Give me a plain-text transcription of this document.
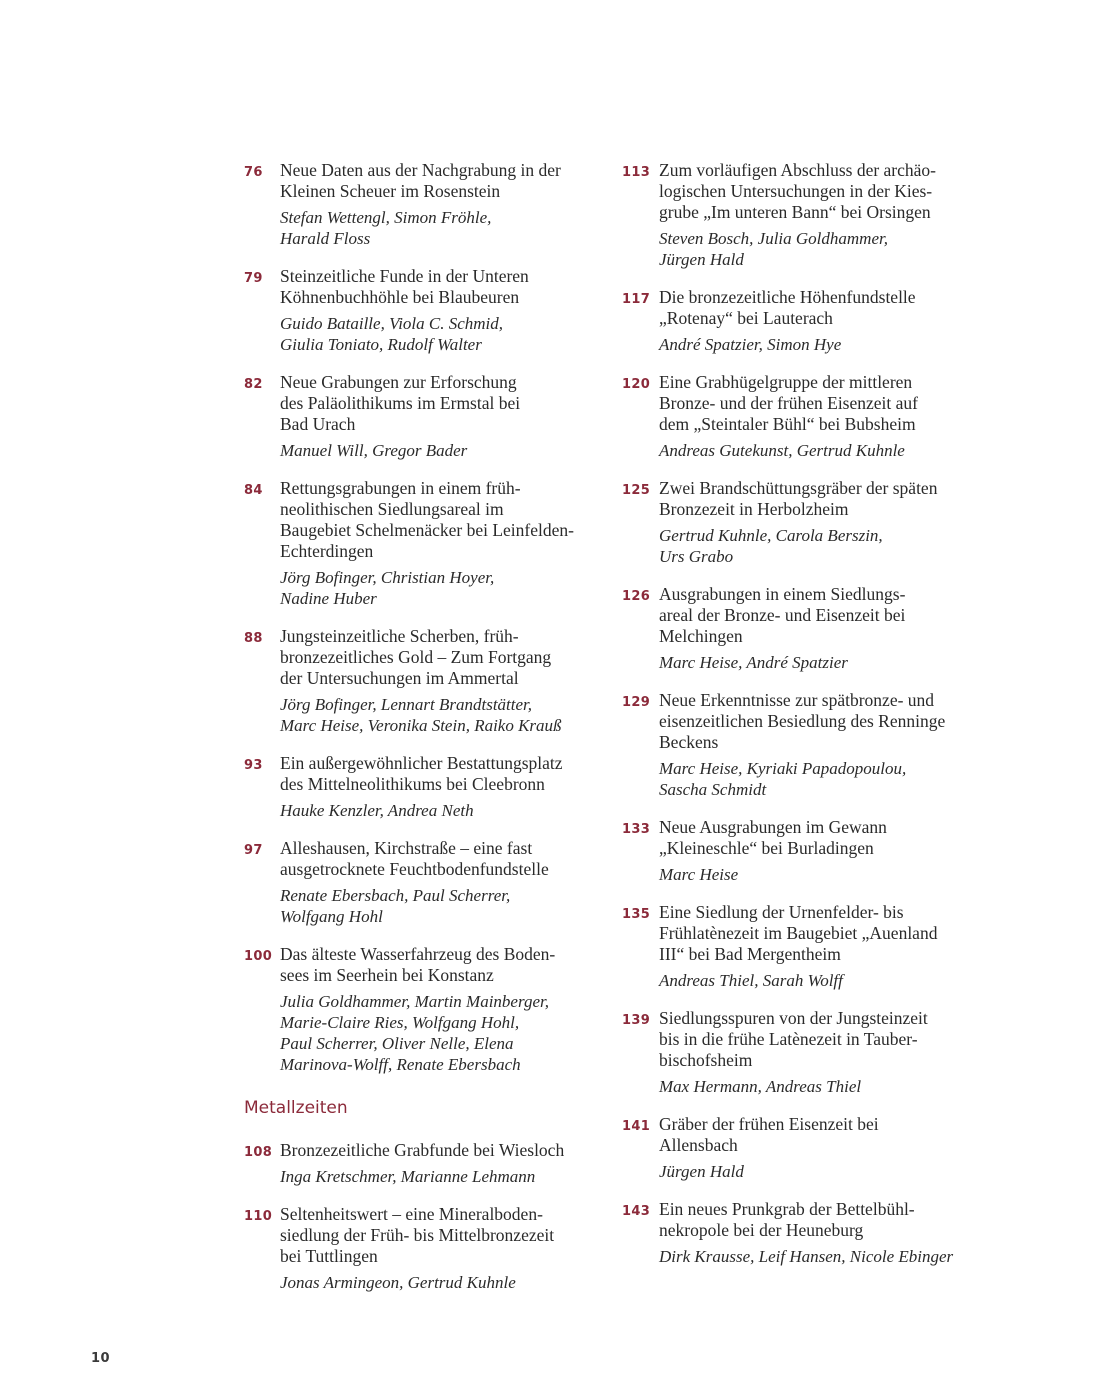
76 Neue Daten aus der Nachgrabung in der
Kleinen Scheuer im Rosenstein
Stefan Wettengl, Simon Fröhle,
Harald Floss
79 Steinzeitliche Funde in der Unteren
Köhnenbuchhöhle bei Blaubeuren
Guido Bataille, Viola C. Schmid,
Giulia Toniato, Rudolf Walter
82 Neue Grabungen zur Erforschung
des Paläolithikums im Ermstal bei
Bad Urach
Manuel Will, Gregor Bader
84 Rettungsgrabungen in einem früh-
neolithischen Siedlungsareal im
Baugebiet Schelmenäcker bei Leinfelden-
Echterdingen
Jörg Bofinger, Christian Hoyer,
Nadine Huber
88 Jungsteinzeitliche Scherben, früh-
bronzezeitliches Gold – Zum Fortgang
der Untersuchungen im Ammertal
Jörg Bofinger, Lennart Brandtstätter,
Marc Heise, Veronika Stein, Raiko Krauß
93 Ein außergewöhnlicher Bestattungsplatz
des Mittelneolithikums bei Cleebronn
Hauke Kenzler, Andrea Neth
97 Alleshausen, Kirchstraße – eine fast
ausgetrocknete Feuchtbodenfundstelle
Renate Ebersbach, Paul Scherrer,
Wolfgang Hohl
100 Das älteste Wasserfahrzeug des Boden-
sees im Seerhein bei Konstanz
Julia Goldhammer, Martin Mainberger,
Marie-Claire Ries, Wolfgang Hohl,
Paul Scherrer, Oliver Nelle, Elena
Marinova-Wolff, Renate Ebersbach
Metallzeiten
108 Bronzezeitliche Grabfunde bei Wiesloch
Inga Kretschmer, Marianne Lehmann
110 Seltenheitswert – eine Mineralboden-
siedlung der Früh- bis Mittelbronzezeit
bei Tuttlingen
Jonas Armingeon, Gertrud Kuhnle
113 Zum vorläufigen Abschluss der archäo-
logischen Untersuchungen in der Kies-
grube „Im unteren Bann“ bei Orsingen
Steven Bosch, Julia Goldhammer,
Jürgen Hald
117 Die bronzezeitliche Höhenfundstelle
„Rotenay“ bei Lauterach
André Spatzier, Simon Hye
120 Eine Grabhügelgruppe der mittleren
Bronze- und der frühen Eisenzeit auf
dem „Steintaler Bühl“ bei Bubsheim
Andreas Gutekunst, Gertrud Kuhnle
125 Zwei Brandschüttungsgräber der späten
Bronzezeit in Herbolzheim
Gertrud Kuhnle, Carola Berszin,
Urs Grabo
126 Ausgrabungen in einem Siedlungs-
areal der Bronze- und Eisenzeit bei
Melchingen
Marc Heise, André Spatzier
129 Neue Erkenntnisse zur spätbronze- und
eisenzeitlichen Besiedlung des Renninge
Beckens
Marc Heise, Kyriaki Papadopoulou,
Sascha Schmidt
133 Neue Ausgrabungen im Gewann
„Kleineschle“ bei Burladingen
Marc Heise
135 Eine Siedlung der Urnenfelder- bis
Frühlatènezeit im Baugebiet „Auenland
III“ bei Bad Mergentheim
Andreas Thiel, Sarah Wolff
139 Siedlungsspuren von der Jungsteinzeit
bis in die frühe Latènezeit in Tauber-
bischofsheim
Max Hermann, Andreas Thiel
141 Gräber der frühen Eisenzeit bei
Allensbach
Jürgen Hald
143 Ein neues Prunkgrab der Bettelbühl-
nekropole bei der Heuneburg
Dirk Krausse, Leif Hansen, Nicole Ebinger
10
